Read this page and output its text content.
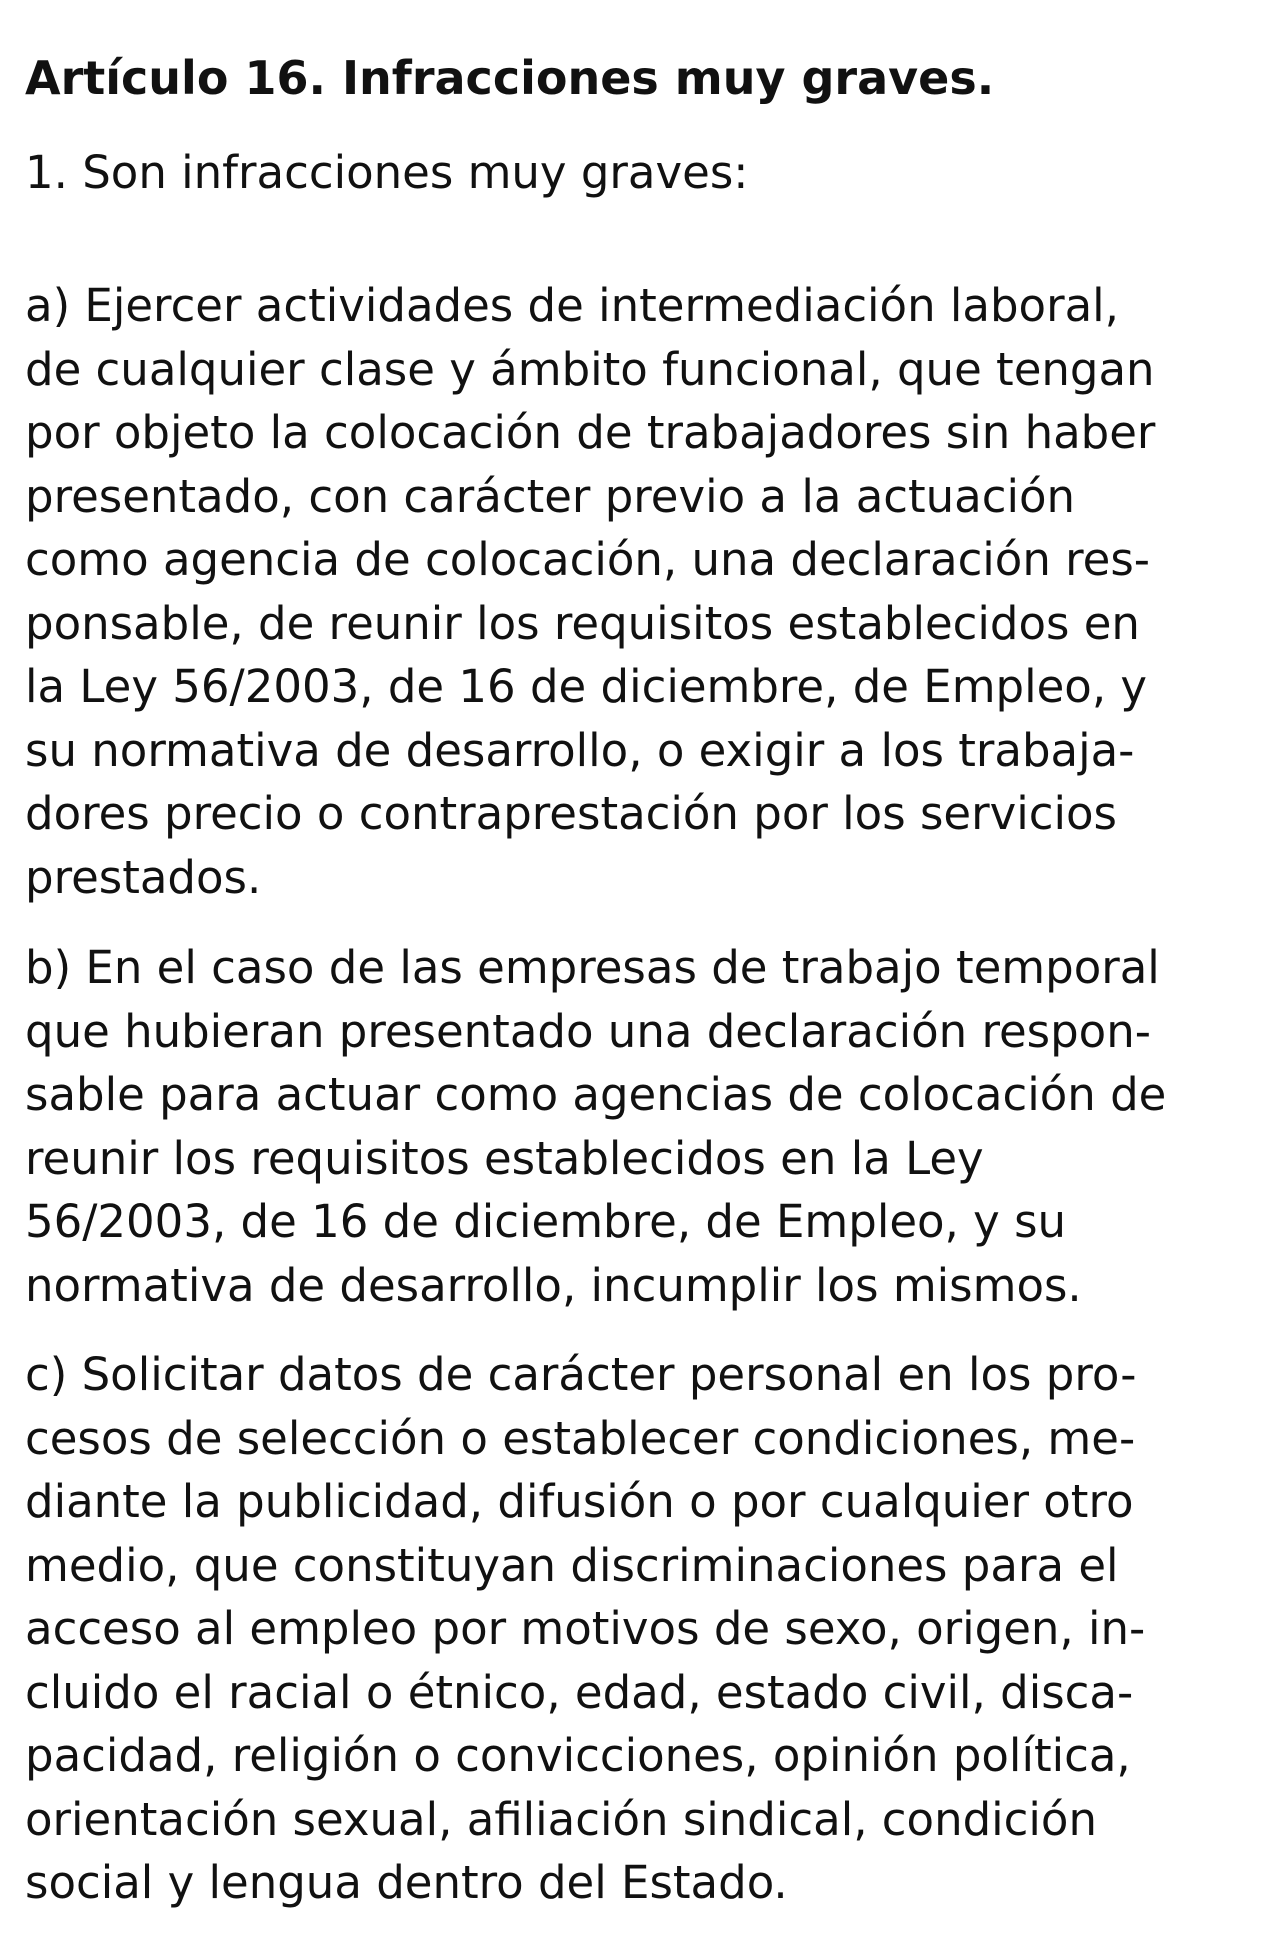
Artículo 16. Infracciones muy graves.

1. Son infracciones muy graves:

a) Ejercer actividades de intermediación laboral,
de cualquier clase y ámbito funcional, que tengan
por objeto la colocación de trabajadores sin haber
presentado, con carácter previo a la actuación
como agencia de colocación, una declaración res-
ponsable, de reunir los requisitos establecidos en
la Ley 56/2003, de 16 de diciembre, de Empleo, y
su normativa de desarrollo, o exigir a los trabaja-
dores precio o contraprestación por los servicios
prestados.

b) En el caso de las empresas de trabajo temporal
que hubieran presentado una declaración respon-
sable para actuar como agencias de colocación de
reunir los requisitos establecidos en la Ley
56/2003, de 16 de diciembre, de Empleo, y su
normativa de desarrollo, incumplir los mismos.

c) Solicitar datos de carácter personal en los pro-
cesos de selección o establecer condiciones, me-
diante la publicidad, difusión o por cualquier otro
medio, que constituyan discriminaciones para el
acceso al empleo por motivos de sexo, origen, in-
cluido el racial o étnico, edad, estado civil, disca-
pacidad, religión o convicciones, opinión política,
orientación sexual, afiliación sindical, condición
social y lengua dentro del Estado.
